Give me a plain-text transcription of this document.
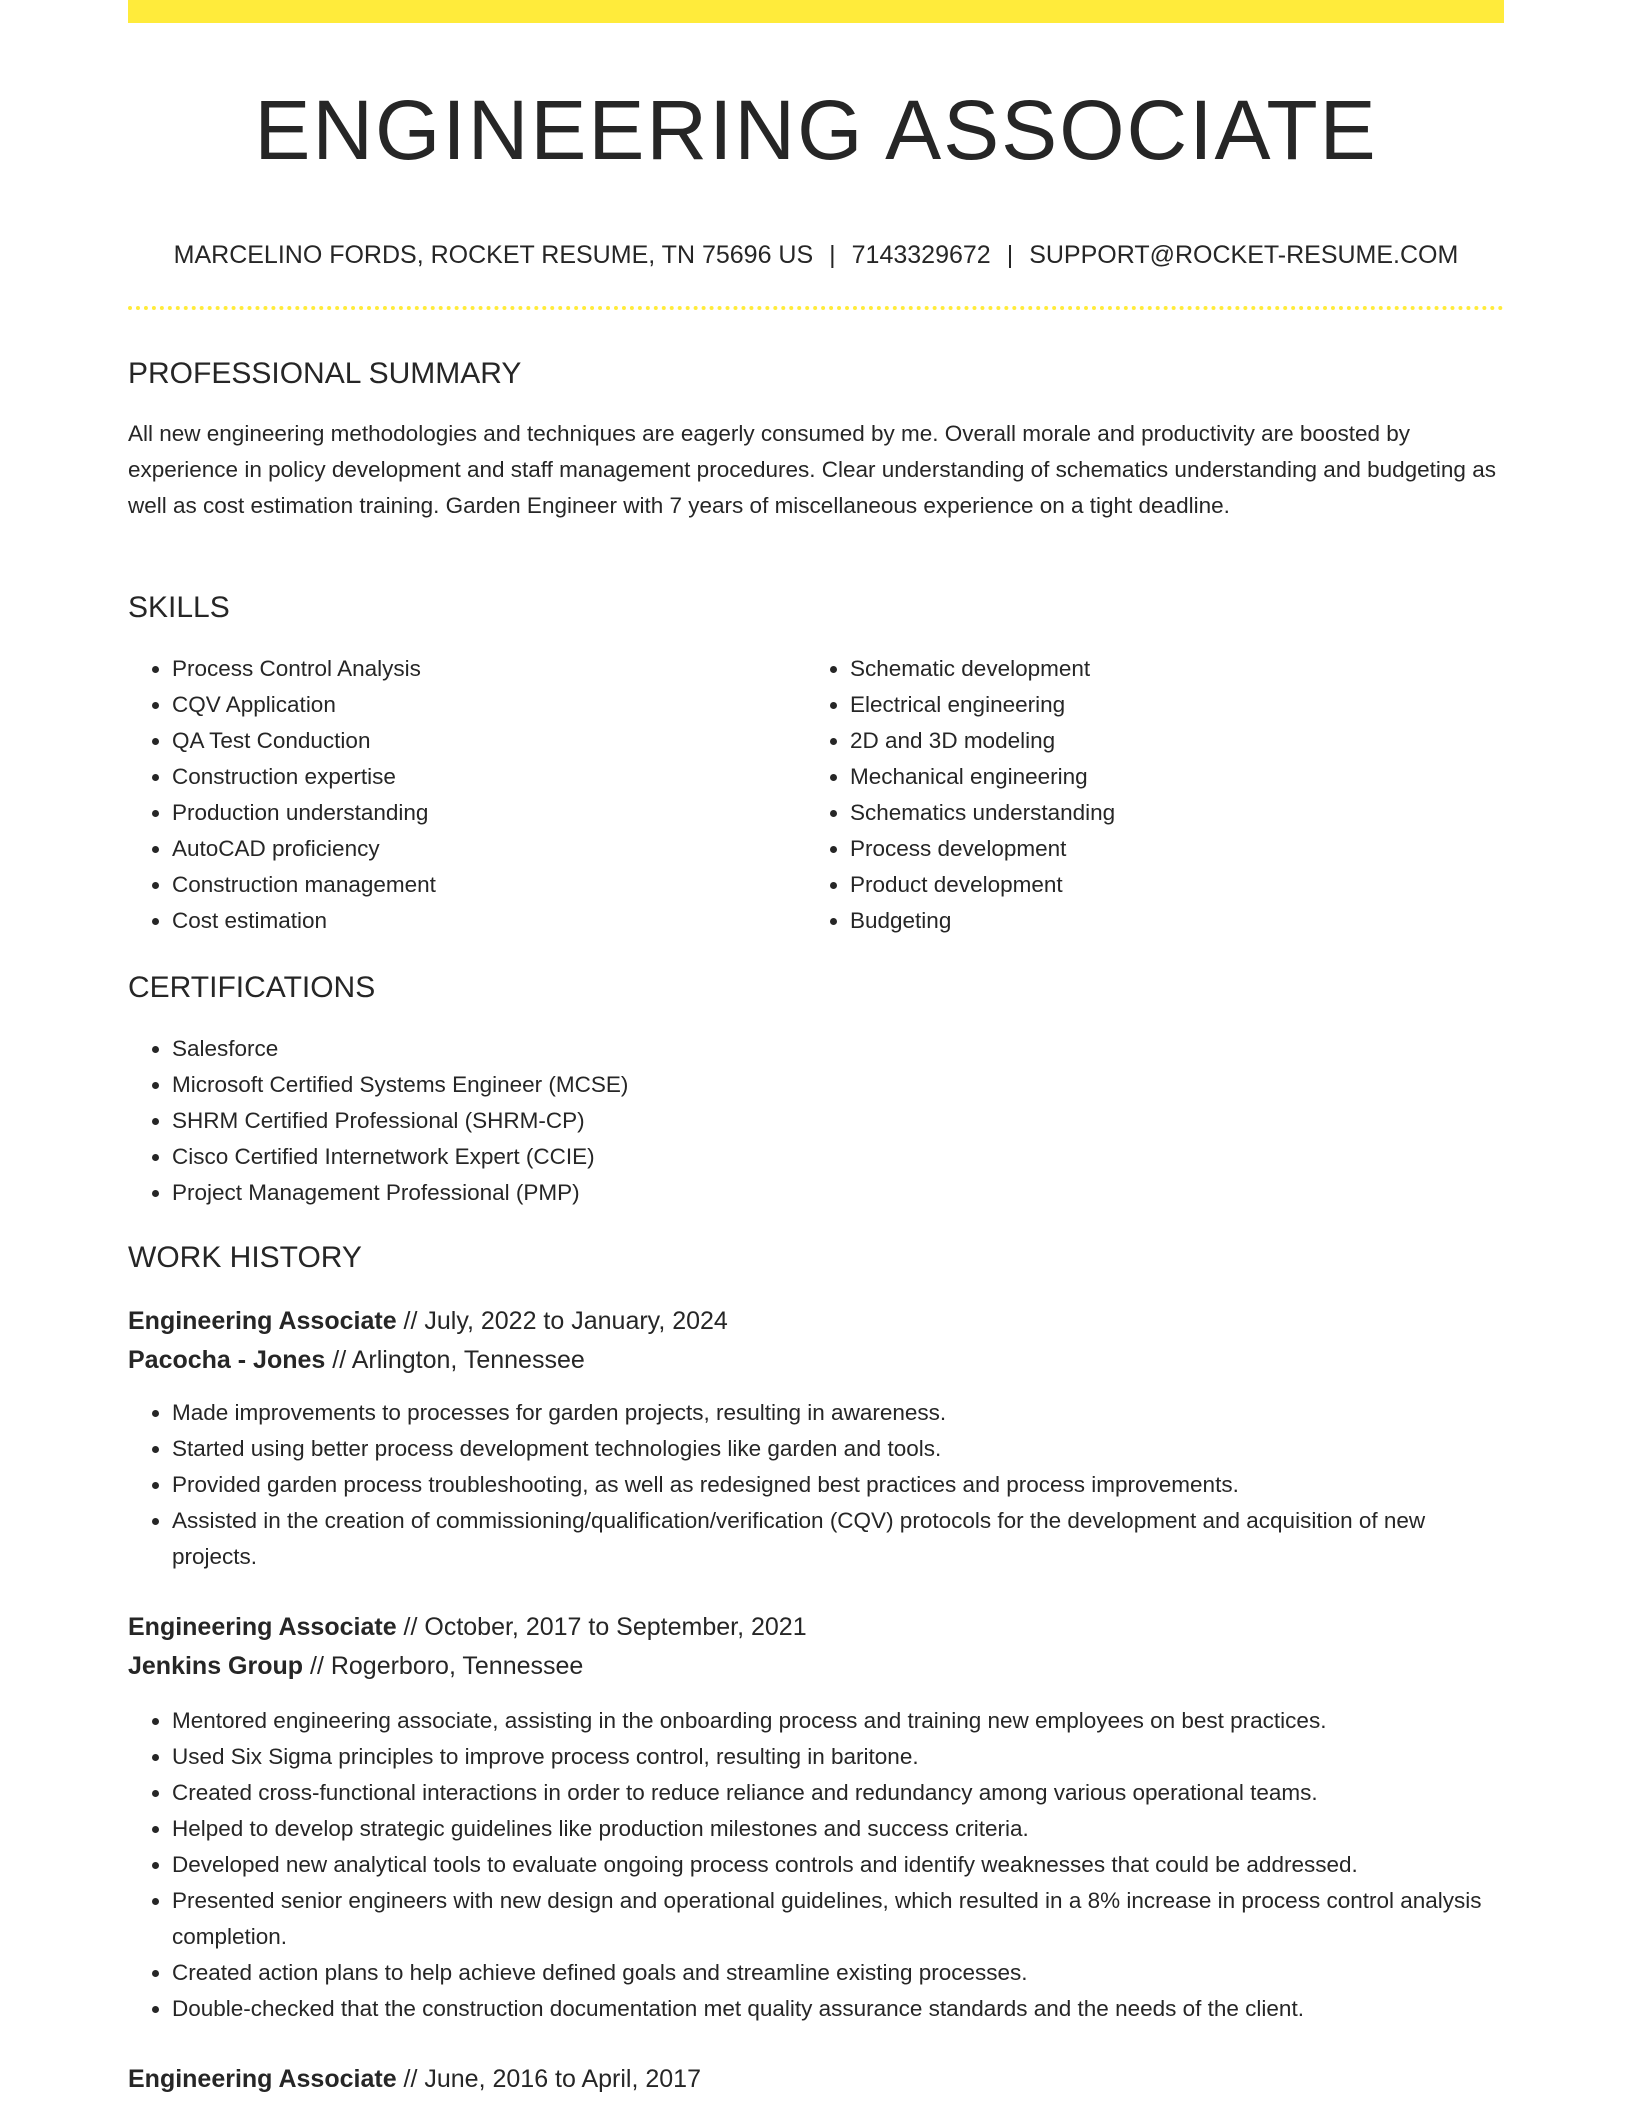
ENGINEERING ASSOCIATE
MARCELINO FORDS, ROCKET RESUME, TN 75696 US | 7143329672 | SUPPORT@ROCKET-RESUME.COM
PROFESSIONAL SUMMARY

All new engineering methodologies and techniques are eagerly consumed by me. Overall morale and productivity are boosted by experience in policy development and staff management procedures. Clear understanding of schematics understanding and budgeting as well as cost estimation training. Garden Engineer with 7 years of miscellaneous experience on a tight deadline.

SKILLS
• Process Control Analysis
• CQV Application
• QA Test Conduction
• Construction expertise
• Production understanding
• AutoCAD proficiency
• Construction management
• Cost estimation
• Schematic development
• Electrical engineering
• 2D and 3D modeling
• Mechanical engineering
• Schematics understanding
• Process development
• Product development
• Budgeting
CERTIFICATIONS
• Salesforce
• Microsoft Certified Systems Engineer (MCSE)
• SHRM Certified Professional (SHRM-CP)
• Cisco Certified Internetwork Expert (CCIE)
• Project Management Professional (PMP)
WORK HISTORY
Engineering Associate // July, 2022 to January, 2024
Pacocha - Jones // Arlington, Tennessee
• Made improvements to processes for garden projects, resulting in awareness.
• Started using better process development technologies like garden and tools.
• Provided garden process troubleshooting, as well as redesigned best practices and process improvements.
• Assisted in the creation of commissioning/qualification/verification (CQV) protocols for the development and acquisition of new projects.
Engineering Associate // October, 2017 to September, 2021
Jenkins Group // Rogerboro, Tennessee
• Mentored engineering associate, assisting in the onboarding process and training new employees on best practices.
• Used Six Sigma principles to improve process control, resulting in baritone.
• Created cross-functional interactions in order to reduce reliance and redundancy among various operational teams.
• Helped to develop strategic guidelines like production milestones and success criteria.
• Developed new analytical tools to evaluate ongoing process controls and identify weaknesses that could be addressed.
• Presented senior engineers with new design and operational guidelines, which resulted in a 8% increase in process control analysis completion.
• Created action plans to help achieve defined goals and streamline existing processes.
• Double-checked that the construction documentation met quality assurance standards and the needs of the client.
Engineering Associate // June, 2016 to April, 2017
